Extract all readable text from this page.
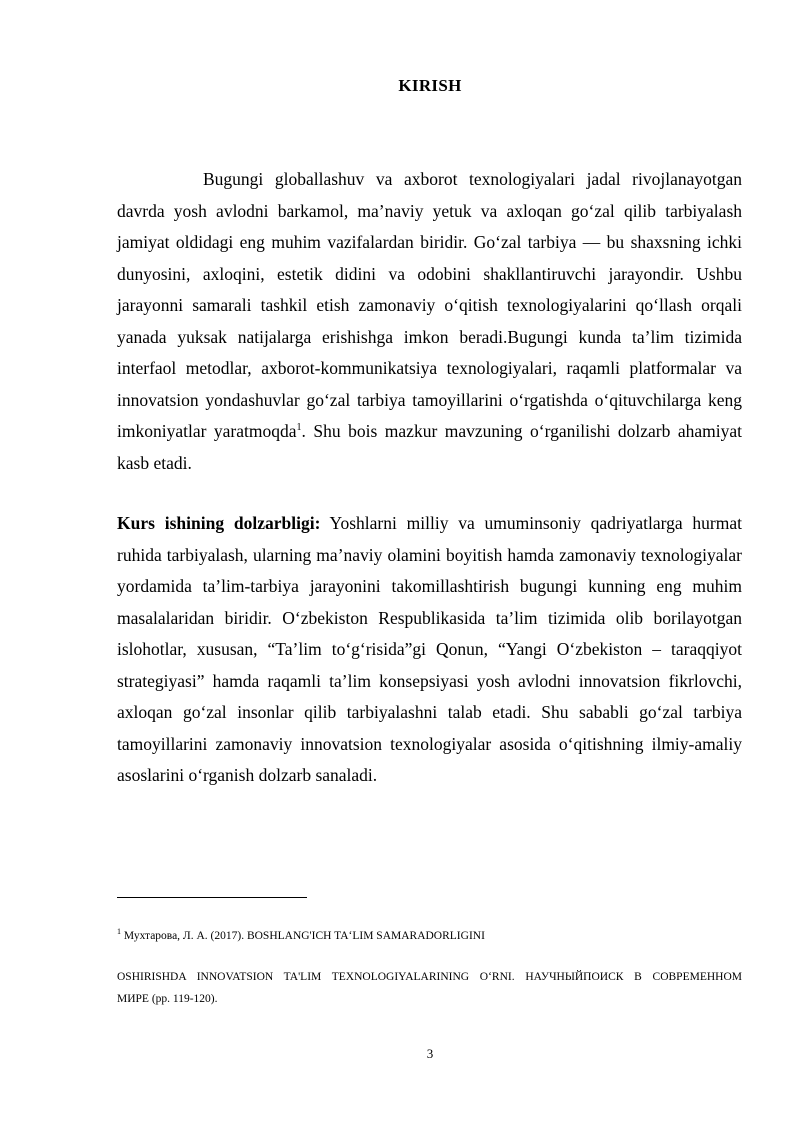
KIRISH

Bugungi globallashuv va axborot texnologiyalari jadal rivojlanayotgan davrda yosh avlodni barkamol, ma’naviy yetuk va axloqan go‘zal qilib tarbiyalash jamiyat oldidagi eng muhim vazifalardan biridir. Go‘zal tarbiya — bu shaxsning ichki dunyosini, axloqini, estetik didini va odobini shakllantiruvchi jarayondir. Ushbu jarayonni samarali tashkil etish zamonaviy o‘qitish texnologiyalarini qo‘llash orqali yanada yuksak natijalarga erishishga imkon beradi.Bugungi kunda ta’lim tizimida interfaol metodlar, axborot-kommunikatsiya texnologiyalari, raqamli platformalar va innovatsion yondashuvlar go‘zal tarbiya tamoyillarini o‘rgatishda o‘qituvchilarga keng imkoniyatlar yaratmoqda$^1$. Shu bois mazkur mavzuning o‘rganilishi dolzarb ahamiyat kasb etadi.

Kurs ishining dolzarbligi: Yoshlarni milliy va umuminsoniy qadriyatlarga hurmat ruhida tarbiyalash, ularning ma’naviy olamini boyitish hamda zamonaviy texnologiyalar yordamida ta’lim-tarbiya jarayonini takomillashtirish bugungi kunning eng muhim masalalaridan biridir. O‘zbekiston Respublikasida ta’lim tizimida olib borilayotgan islohotlar, xususan, “Ta’lim to‘g‘risida”gi Qonun, “Yangi O‘zbekiston – taraqqiyot strategiyasi” hamda raqamli ta’lim konsepsiyasi yosh avlodni innovatsion fikrlovchi, axloqan go‘zal insonlar qilib tarbiyalashni talab etadi. Shu sababli go‘zal tarbiya tamoyillarini zamonaviy innovatsion texnologiyalar asosida o‘qitishning ilmiy-amaliy asoslarini o‘rganish dolzarb sanaladi.

$^1$ Мухтарова, Л. А. (2017). BOSHLANG'ICH TA‘LIM SAMARADORLIGINI
OSHIRISHDA INNOVATSION TA'LIM TEXNOLOGIYALARINING O‘RNI. НАУЧНЫЙПОИСК В СОВРЕМЕННОМ
МИРЕ (pp. 119-120).
3
